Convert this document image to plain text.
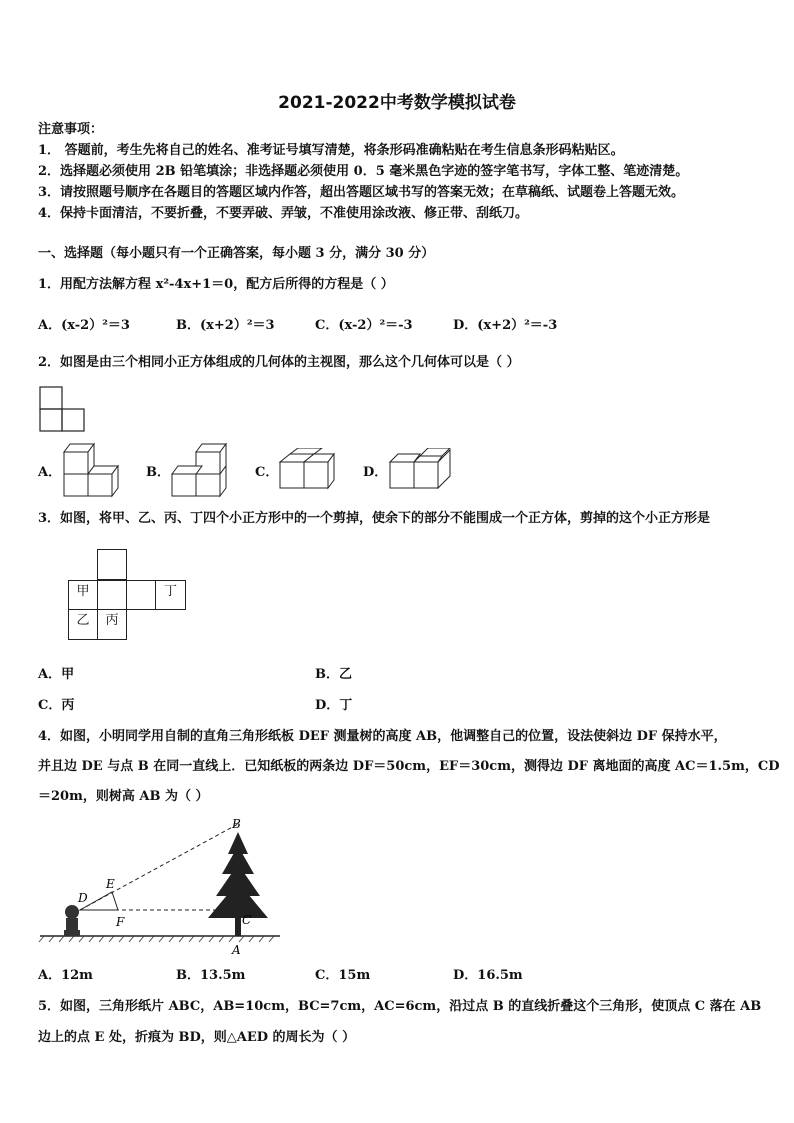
2021-2022中考数学模拟试卷
注意事项：
1． 答题前，考生先将自己的姓名、准考证号填写清楚，将条形码准确粘贴在考生信息条形码粘贴区。
2．选择题必须使用 2B 铅笔填涂；非选择题必须使用 0．5 毫米黑色字迹的签字笔书写，字体工整、笔迹清楚。
3．请按照题号顺序在各题目的答题区域内作答，超出答题区域书写的答案无效；在草稿纸、试题卷上答题无效。
4．保持卡面清洁，不要折叠，不要弄破、弄皱，不准使用涂改液、修正带、刮纸刀。
一、选择题（每小题只有一个正确答案，每小题 3 分，满分 30 分）
1．用配方法解方程 x²-4x+1＝0，配方后所得的方程是（ ）
A．(x-2）²＝3	B．(x+2）²＝3	C．(x-2）²＝-3	D．(x+2）²＝-3
2．如图是由三个相同小正方体组成的几何体的主视图，那么这个几何体可以是（ ）
A．	B．	C．	D．
3．如图，将甲、乙、丙、丁四个小正方形中的一个剪掉，使余下的部分不能围成一个正方体，剪掉的这个小正方形是
甲	丁
乙	丙
A．甲	B．乙
C．丙	D．丁
4．如图，小明同学用自制的直角三角形纸板 DEF 测量树的高度 AB，他调整自己的位置，设法使斜边 DF 保持水平，
并且边 DE 与点 B 在同一直线上．已知纸板的两条边 DF＝50cm，EF＝30cm，测得边 DF 离地面的高度 AC＝1.5m，CD
＝20m，则树高 AB 为（ ）
B
E
D
F	C
A
A．12m	B．13.5m	C．15m	D．16.5m
5．如图，三角形纸片 ABC，AB=10cm，BC=7cm，AC=6cm，沿过点 B 的直线折叠这个三角形，使顶点 C 落在 AB
边上的点 E 处，折痕为 BD，则△AED 的周长为（ ）
